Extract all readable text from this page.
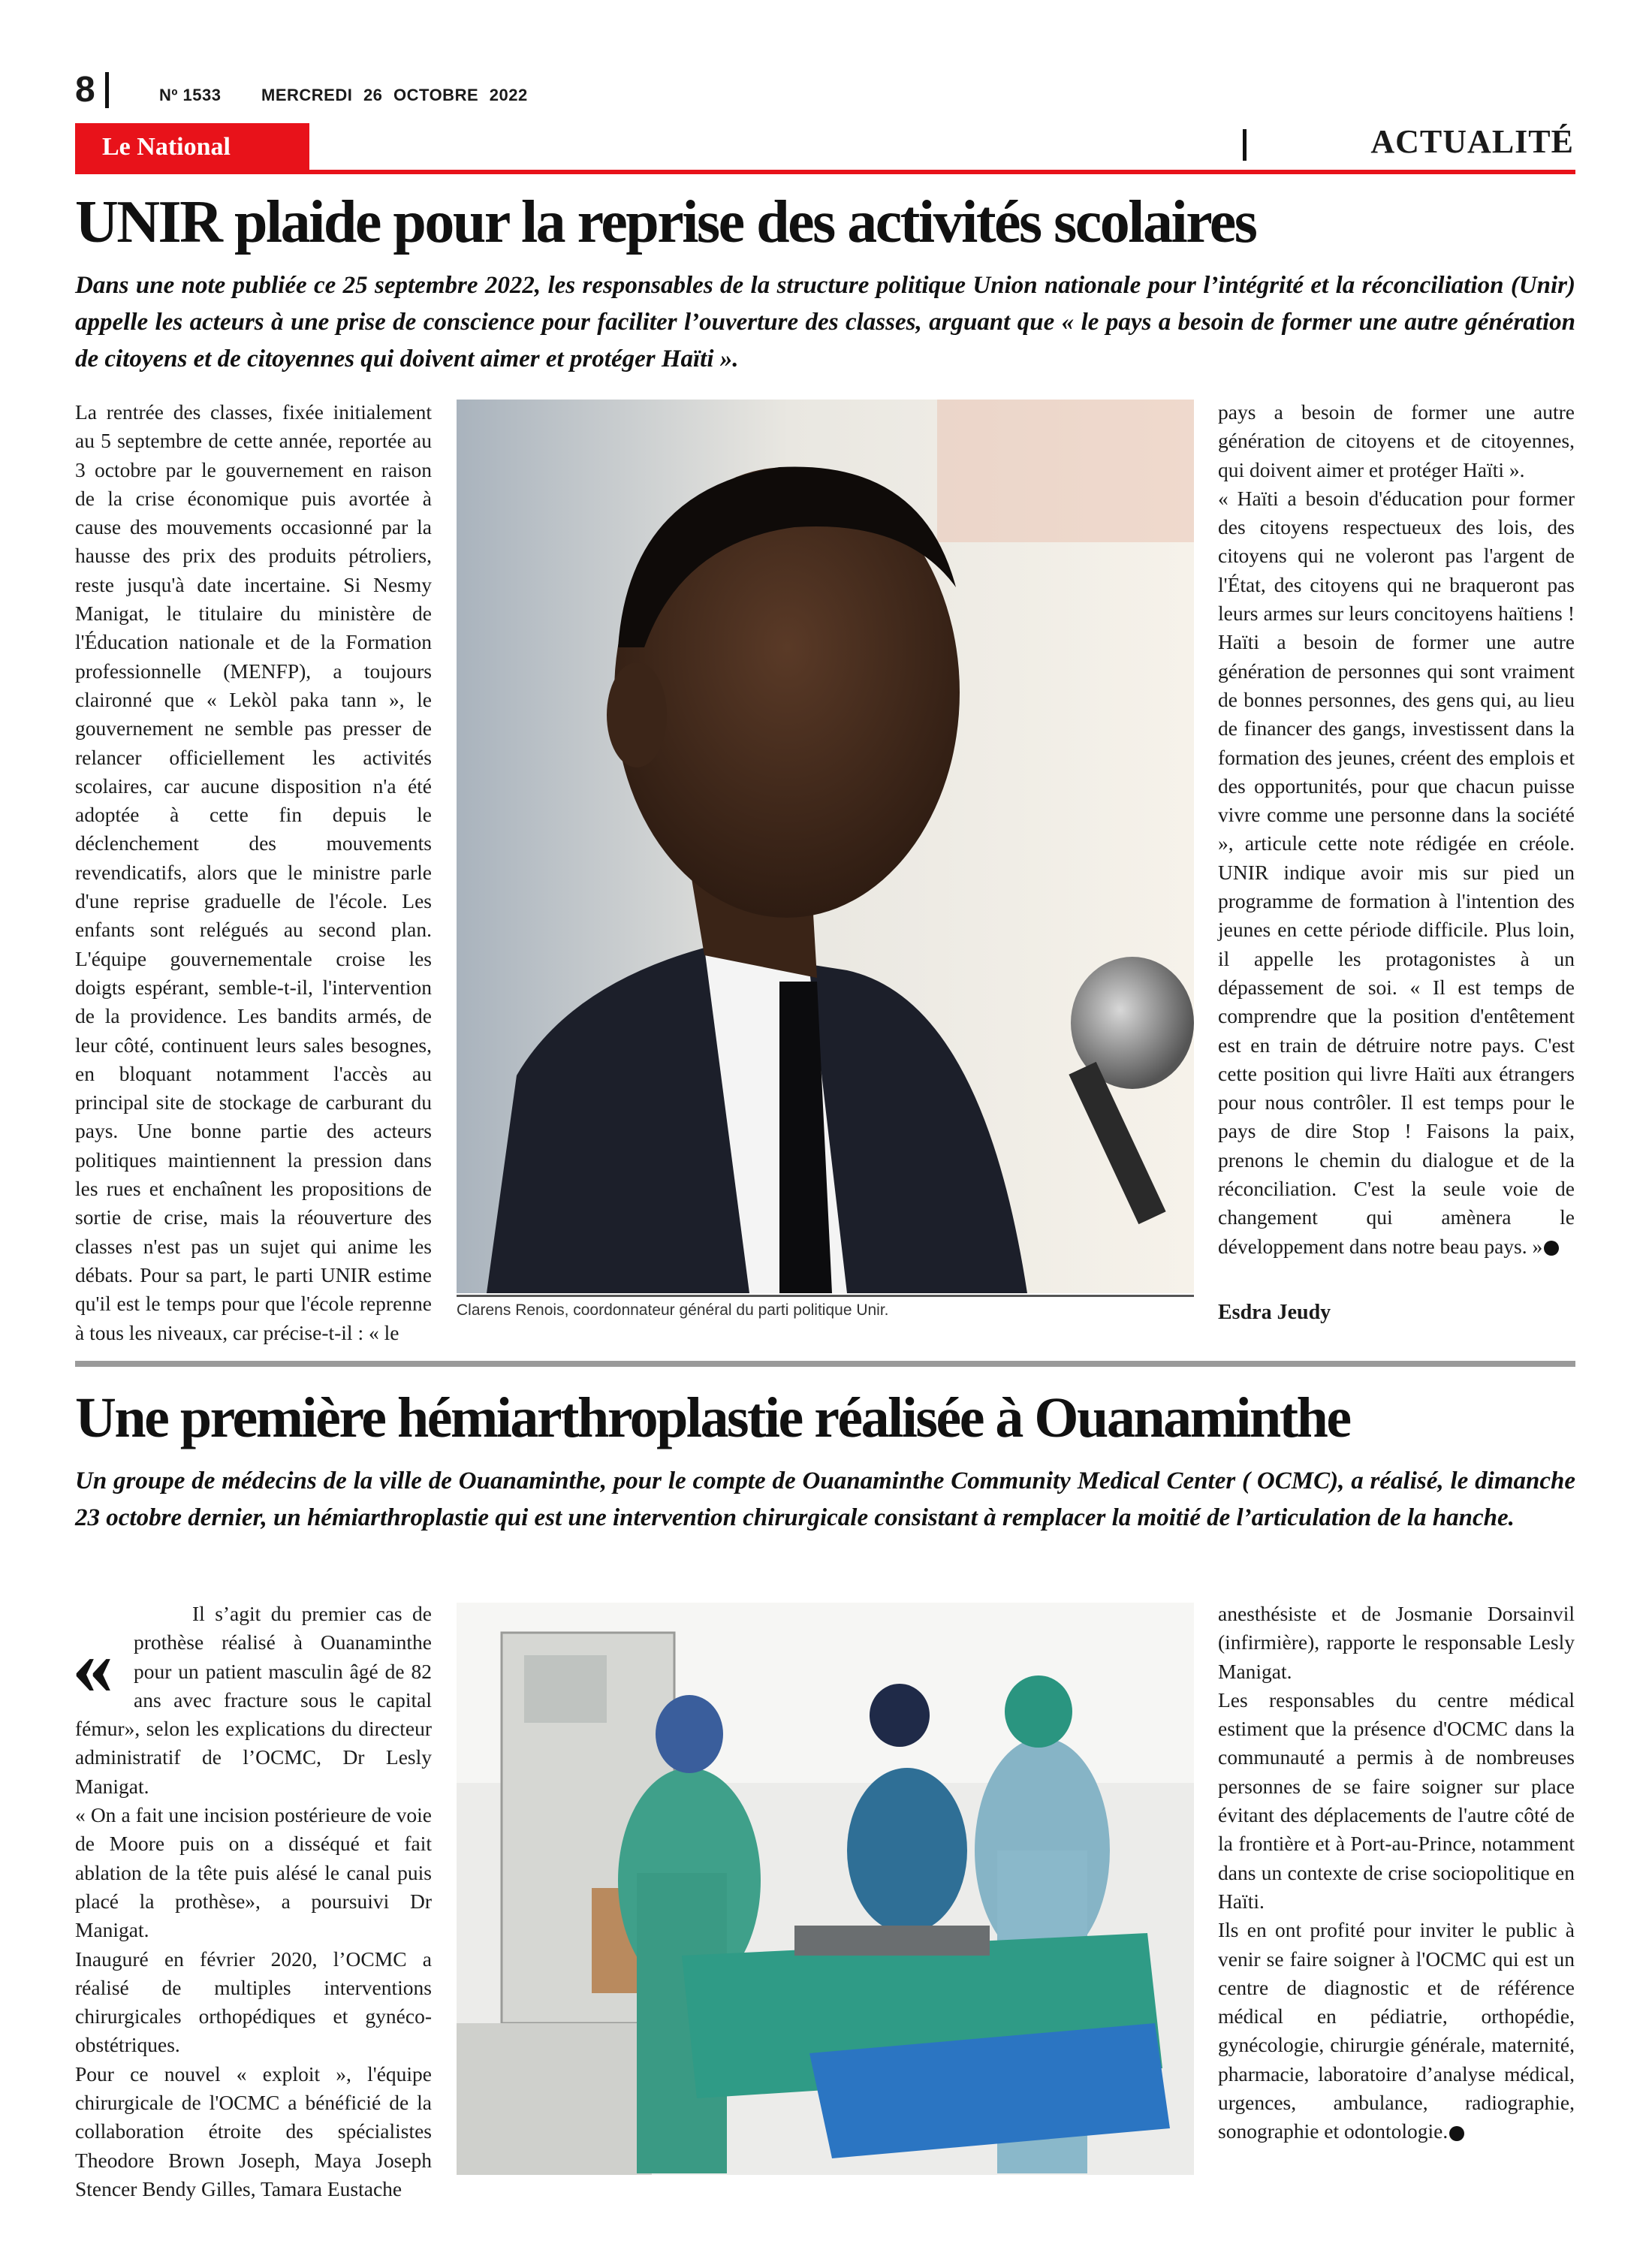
8	Nº 1533 MERCREDI 26 OCTOBRE 2022
Le National	ACTUALITÉ
UNIR plaide pour la reprise des activités scolaires
Dans une note publiée ce 25 septembre 2022, les responsables de la structure politique Union nationale pour l’intégrité et la réconciliation (Unir) appelle les acteurs à une prise de conscience pour faciliter l’ouverture des classes, arguant que « le pays a besoin de former une autre génération de citoyens et de citoyennes qui doivent aimer et protéger Haïti ».

La rentrée des classes, fixée initialement au 5 septembre de cette année, reportée au 3 octobre par le gouvernement en raison de la crise économique puis avortée à cause des mouvements occasionné par la hausse des prix des produits pétroliers, reste jusqu'à date incertaine. Si Nesmy Manigat, le titulaire du ministère de l'Éducation nationale et de la Formation professionnelle (MENFP), a toujours claironné que « Lekòl paka tann », le gouvernement ne semble pas presser de relancer officiellement les activités scolaires, car aucune disposition n'a été adoptée à cette fin depuis le déclenchement des mouvements revendicatifs, alors que le ministre parle d'une reprise graduelle de l'école. Les enfants sont relégués au second plan. L'équipe gouvernementale croise les doigts espérant, semble-t-il, l'intervention de la providence. Les bandits armés, de leur côté, continuent leurs sales besognes, en bloquant notamment l'accès au principal site de stockage de carburant du pays. Une bonne partie des acteurs politiques maintiennent la pression dans les rues et enchaînent les propositions de sortie de crise, mais la réouverture des classes n'est pas un sujet qui anime les débats. Pour sa part, le parti UNIR estime qu'il est le temps pour que l'école reprenne à tous les niveaux, car précise-t-il : « le

Clarens Renois, coordonnateur général du parti politique Unir.

pays a besoin de former une autre génération de citoyens et de citoyennes, qui doivent aimer et protéger Haïti ».

« Haïti a besoin d'éducation pour former des citoyens respectueux des lois, des citoyens qui ne voleront pas l'argent de l'État, des citoyens qui ne braqueront pas leurs armes sur leurs concitoyens haïtiens ! Haïti a besoin de former une autre génération de personnes qui sont vraiment de bonnes personnes, des gens qui, au lieu de financer des gangs, investissent dans la formation des jeunes, créent des emplois et des opportunités, pour que chacun puisse vivre comme une personne dans la société », articule cette note rédigée en créole. UNIR indique avoir mis sur pied un programme de formation à l'intention des jeunes en cette période difficile. Plus loin, il appelle les protagonistes à un dépassement de soi. « Il est temps de comprendre que la position d'entêtement est en train de détruire notre pays. C'est cette position qui livre Haïti aux étrangers pour nous contrôler. Il est temps pour le pays de dire Stop ! Faisons la paix, prenons le chemin du dialogue et de la réconciliation. C'est la seule voie de changement qui amènera le développement dans notre beau pays. »

Esdra Jeudy
Une première hémiarthroplastie réalisée à Ouanaminthe
Un groupe de médecins de la ville de Ouanaminthe, pour le compte de Ouanaminthe Community Medical Center ( OCMC), a réalisé, le dimanche 23 octobre dernier, un hémiarthroplastie qui est une intervention chirurgicale consistant à remplacer la moitié de l’articulation de la hanche.
«

Il s’agit du premier cas de prothèse réalisé à Ouanaminthe pour un patient masculin âgé de 82 ans avec fracture sous le capital fémur», selon les explications du directeur administratif de l’OCMC, Dr Lesly Manigat.

« On a fait une incision postérieure de voie de Moore puis on a disséqué et fait ablation de la tête puis alésé le canal puis placé la prothèse», a poursuivi Dr Manigat.

Inauguré en février 2020, l’OCMC a réalisé de multiples interventions chirurgicales orthopédiques et gynéco-obstétriques.

Pour ce nouvel « exploit », l'équipe chirurgicale de l'OCMC a bénéficié de la collaboration étroite des spécialistes Theodore Brown Joseph, Maya Joseph Stencer Bendy Gilles, Tamara Eustache

anesthésiste et de Josmanie Dorsainvil (infirmière), rapporte le responsable Lesly Manigat.

Les responsables du centre médical estiment que la présence d'OCMC dans la communauté a permis à de nombreuses personnes de se faire soigner sur place évitant des déplacements de l'autre côté de la frontière et à Port-au-Prince, notamment dans un contexte de crise sociopolitique en Haïti.

Ils en ont profité pour inviter le public à venir se faire soigner à l'OCMC qui est un centre de diagnostic et de référence médical en pédiatrie, orthopédie, gynécologie, chirurgie générale, maternité, pharmacie, laboratoire d’analyse médical, urgences, ambulance, radiographie, sonographie et odontologie.
